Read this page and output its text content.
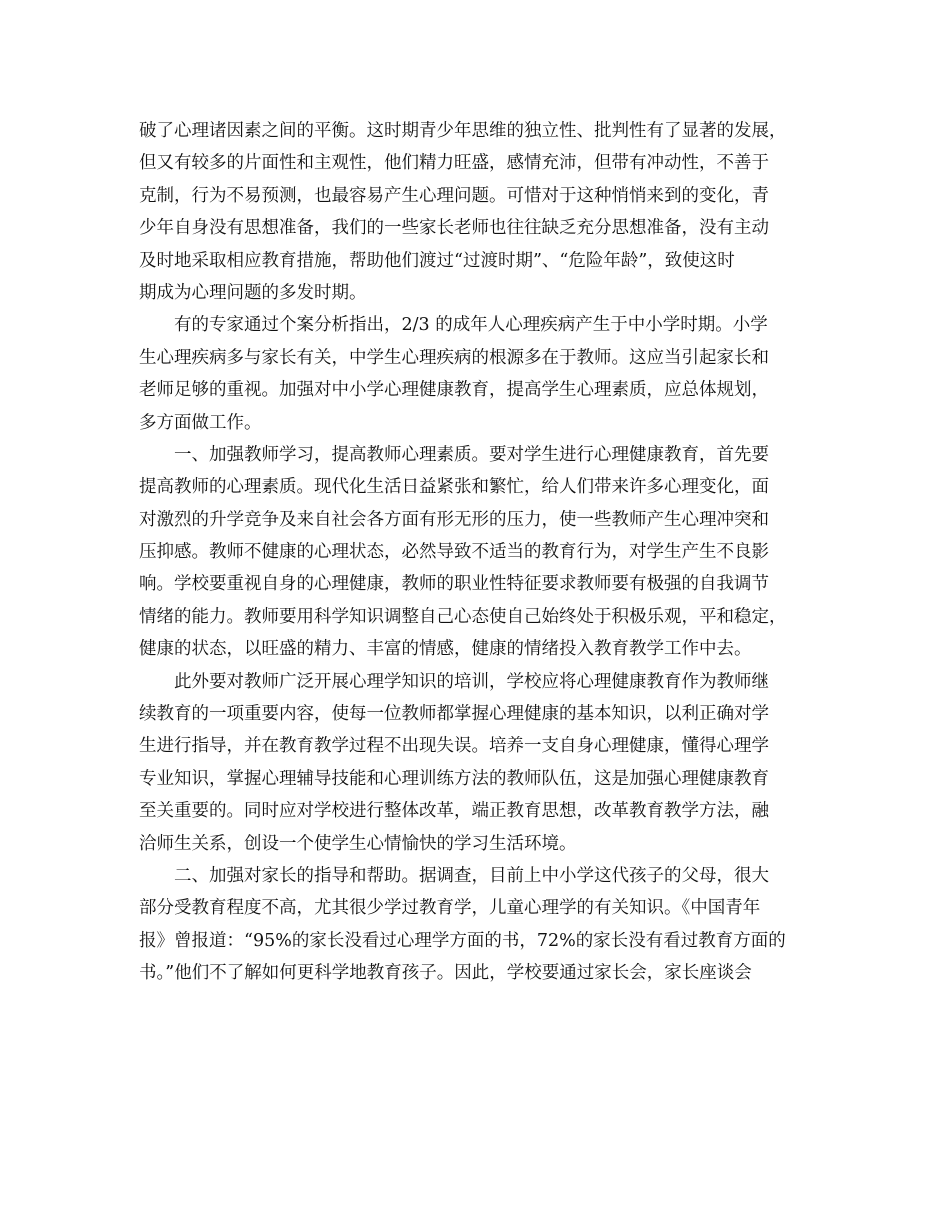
破了心理诸因素之间的平衡。这时期青少年思维的独立性、批判性有了显著的发展，
但又有较多的片面性和主观性，他们精力旺盛，感情充沛，但带有冲动性，不善于
克制，行为不易预测，也最容易产生心理问题。可惜对于这种悄悄来到的变化，青
少年自身没有思想准备，我们的一些家长老师也往往缺乏充分思想准备，没有主动
及时地采取相应教育措施，帮助他们渡过“过渡时期”、“危险年龄”，致使这时
期成为心理问题的多发时期。
有的专家通过个案分析指出，2/3 的成年人心理疾病产生于中小学时期。小学
生心理疾病多与家长有关，中学生心理疾病的根源多在于教师。这应当引起家长和
老师足够的重视。加强对中小学心理健康教育，提高学生心理素质，应总体规划，
多方面做工作。
一、加强教师学习，提高教师心理素质。要对学生进行心理健康教育，首先要
提高教师的心理素质。现代化生活日益紧张和繁忙，给人们带来许多心理变化，面
对激烈的升学竞争及来自社会各方面有形无形的压力，使一些教师产生心理冲突和
压抑感。教师不健康的心理状态，必然导致不适当的教育行为，对学生产生不良影
响。学校要重视自身的心理健康，教师的职业性特征要求教师要有极强的自我调节
情绪的能力。教师要用科学知识调整自己心态使自己始终处于积极乐观，平和稳定，
健康的状态，以旺盛的精力、丰富的情感，健康的情绪投入教育教学工作中去。
此外要对教师广泛开展心理学知识的培训，学校应将心理健康教育作为教师继
续教育的一项重要内容，使每一位教师都掌握心理健康的基本知识，以利正确对学
生进行指导，并在教育教学过程不出现失误。培养一支自身心理健康，懂得心理学
专业知识，掌握心理辅导技能和心理训练方法的教师队伍，这是加强心理健康教育
至关重要的。同时应对学校进行整体改革，端正教育思想，改革教育教学方法，融
洽师生关系，创设一个使学生心情愉快的学习生活环境。
二、加强对家长的指导和帮助。据调查，目前上中小学这代孩子的父母，很大
部分受教育程度不高，尤其很少学过教育学，儿童心理学的有关知识。《中国青年
报》曾报道：“95%的家长没看过心理学方面的书，72%的家长没有看过教育方面的
书。”他们不了解如何更科学地教育孩子。因此，学校要通过家长会，家长座谈会
